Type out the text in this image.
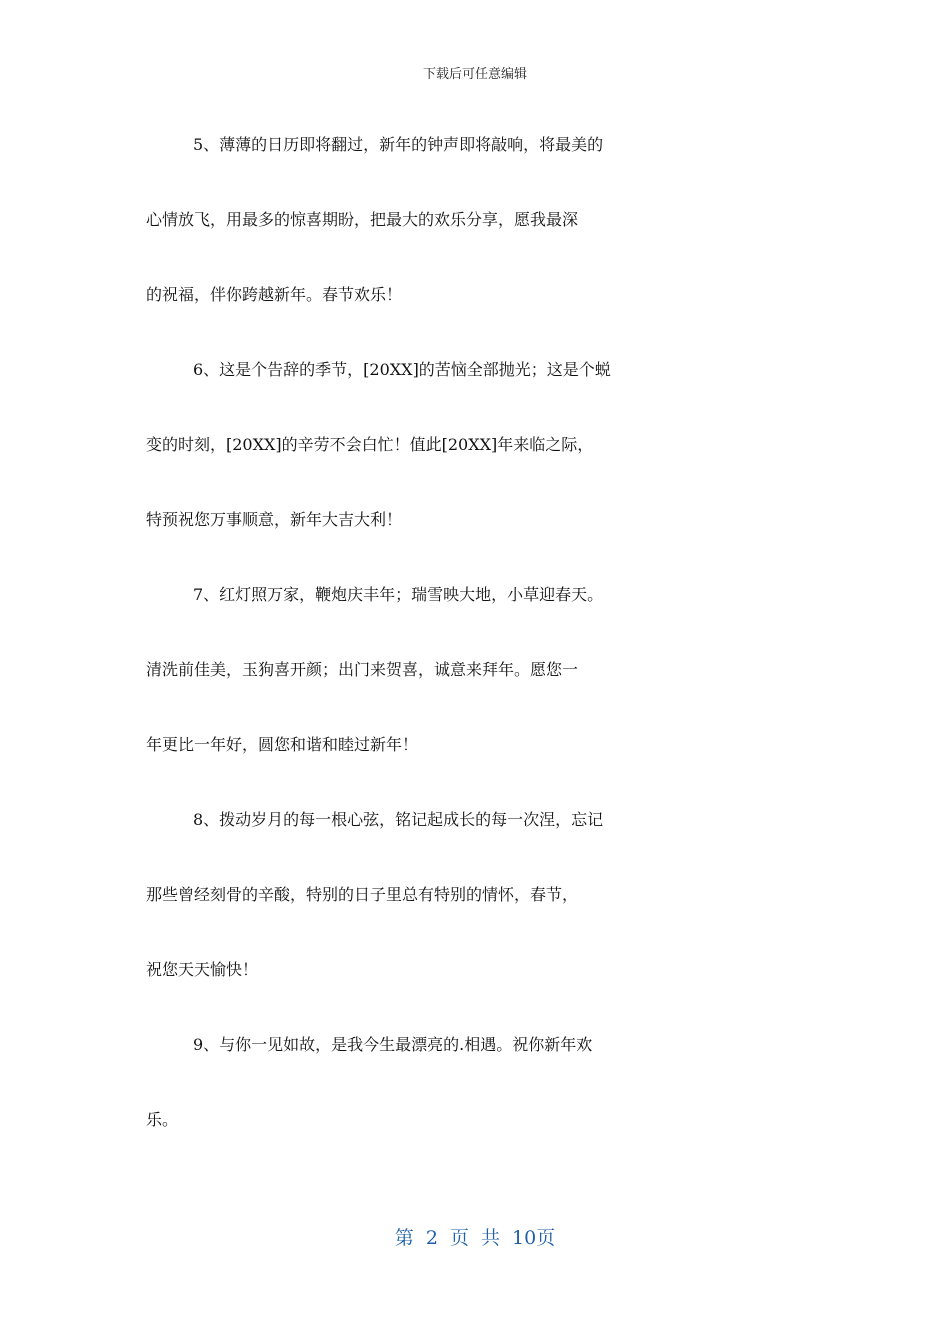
下载后可任意编辑
5、薄薄的日历即将翻过，新年的钟声即将敲响，将最美的
心情放飞，用最多的惊喜期盼，把最大的欢乐分享，愿我最深
的祝福，伴你跨越新年。春节欢乐！
6、这是个告辞的季节，[20XX]的苦恼全部抛光；这是个蜕
变的时刻，[20XX]的辛劳不会白忙！值此[20XX]年来临之际，
特预祝您万事顺意，新年大吉大利！
7、红灯照万家，鞭炮庆丰年；瑞雪映大地，小草迎春天。
清洗前佳美，玉狗喜开颜；出门来贺喜，诚意来拜年。愿您一
年更比一年好，圆您和谐和睦过新年！
8、拨动岁月的每一根心弦，铭记起成长的每一次涅，忘记
那些曾经刻骨的辛酸，特别的日子里总有特别的情怀，春节，
祝您天天愉快！
9、与你一见如故，是我今生最漂亮的.相遇。祝你新年欢
乐。
第 2 页 共 10页
